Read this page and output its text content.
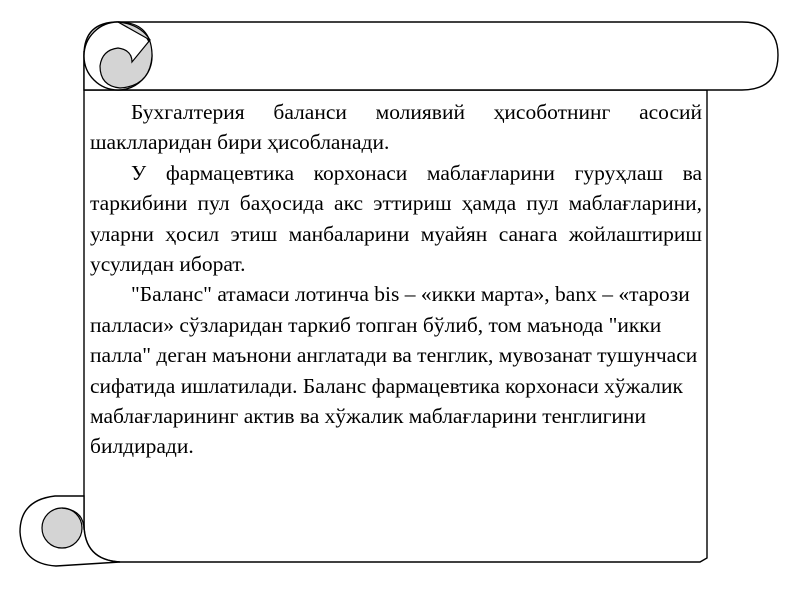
Бухгалтерия баланси молиявий ҳисоботнинг асосий шаклларидан бири ҳисобланади.

У фармацевтика корхонаси маблағларини гуруҳлаш ва таркибини пул баҳосида акс эттириш ҳамда пул маблағларини, уларни ҳосил этиш манбаларини муайян санага жойлаштириш усулидан иборат.

"Баланс" атамаси лотинча bis – «икки марта», banx – «тарози палласи» сўзларидан таркиб топган бўлиб, том маънода "икки палла" деган маънони англатади ва тенглик, мувозанат тушунчаси сифатида ишлатилади. Баланс фармацевтика корхонаси хўжалик маблағларининг актив ва хўжалик маблағларини тенглигини билдиради.
